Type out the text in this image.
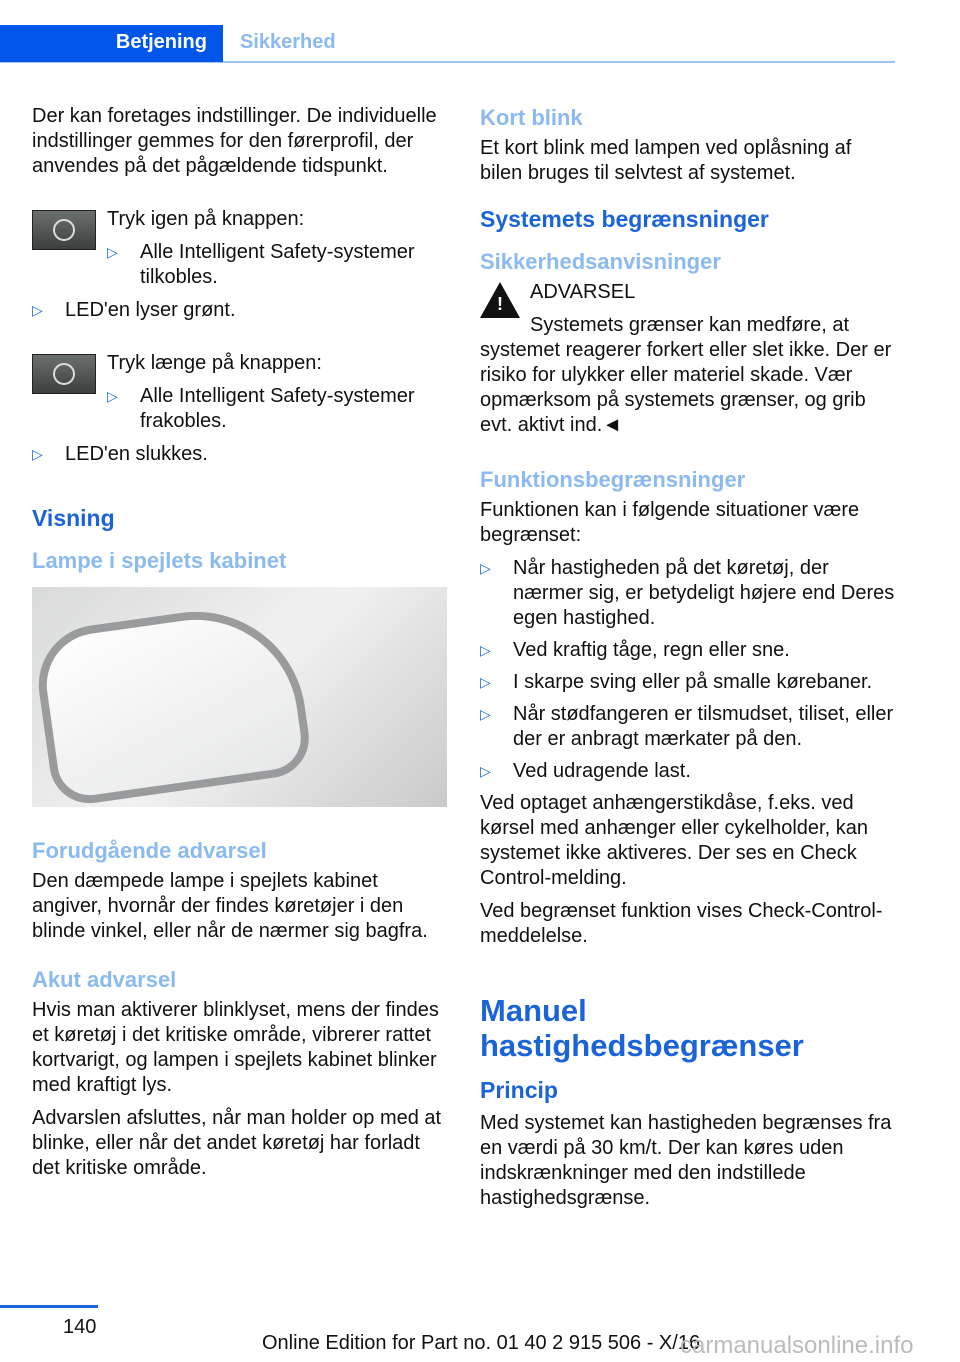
Betjening	Sikkerhed

Der kan foretages indstillinger. De individuelle indstillinger gemmes for den førerprofil, der anvendes på det pågældende tidspunkt.

Tryk igen på knappen:

▷ Alle Intelligent Safety-systemer tilkobles.
▷ LED'en lyser grønt.

Tryk længe på knappen:

▷ Alle Intelligent Safety-systemer frakobles.
▷ LED'en slukkes.
Visning
Lampe i spejlets kabinet
Forudgående advarsel

Den dæmpede lampe i spejlets kabinet angiver, hvornår der findes køretøjer i den blinde vinkel, eller når de nærmer sig bagfra.

Akut advarsel

Hvis man aktiverer blinklyset, mens der findes et køretøj i det kritiske område, vibrerer rattet kortvarigt, og lampen i spejlets kabinet blinker med kraftigt lys.

Advarslen afsluttes, når man holder op med at blinke, eller når det andet køretøj har forladt det kritiske område.

Kort blink

Et kort blink med lampen ved oplåsning af bilen bruges til selvtest af systemet.

Systemets begrænsninger
Sikkerhedsanvisninger
!

ADVARSEL

Systemets grænser kan medføre, at systemet reagerer forkert eller slet ikke. Der er risiko for ulykker eller materiel skade. Vær opmærksom på systemets grænser, og grib evt. aktivt ind.◄

Funktionsbegrænsninger

Funktionen kan i følgende situationer være begrænset:

▷ Når hastigheden på det køretøj, der nærmer sig, er betydeligt højere end Deres egen hastighed.
▷ Ved kraftig tåge, regn eller sne.
▷ I skarpe sving eller på smalle kørebaner.
▷ Når stødfangeren er tilsmudset, tiliset, eller der er anbragt mærkater på den.
▷ Ved udragende last.

Ved optaget anhængerstikdåse, f.eks. ved kørsel med anhænger eller cykelholder, kan systemet ikke aktiveres. Der ses en Check Control-melding.

Ved begrænset funktion vises Check-Control-meddelelse.

Manuel hastighedsbegrænser
Princip

Med systemet kan hastigheden begrænses fra en værdi på 30 km/t. Der kan køres uden indskrænkninger med den indstillede hastighedsgrænse.

140
Online Edition for Part no. 01 40 2 915 506 - X/16
carmanualsonline.info
